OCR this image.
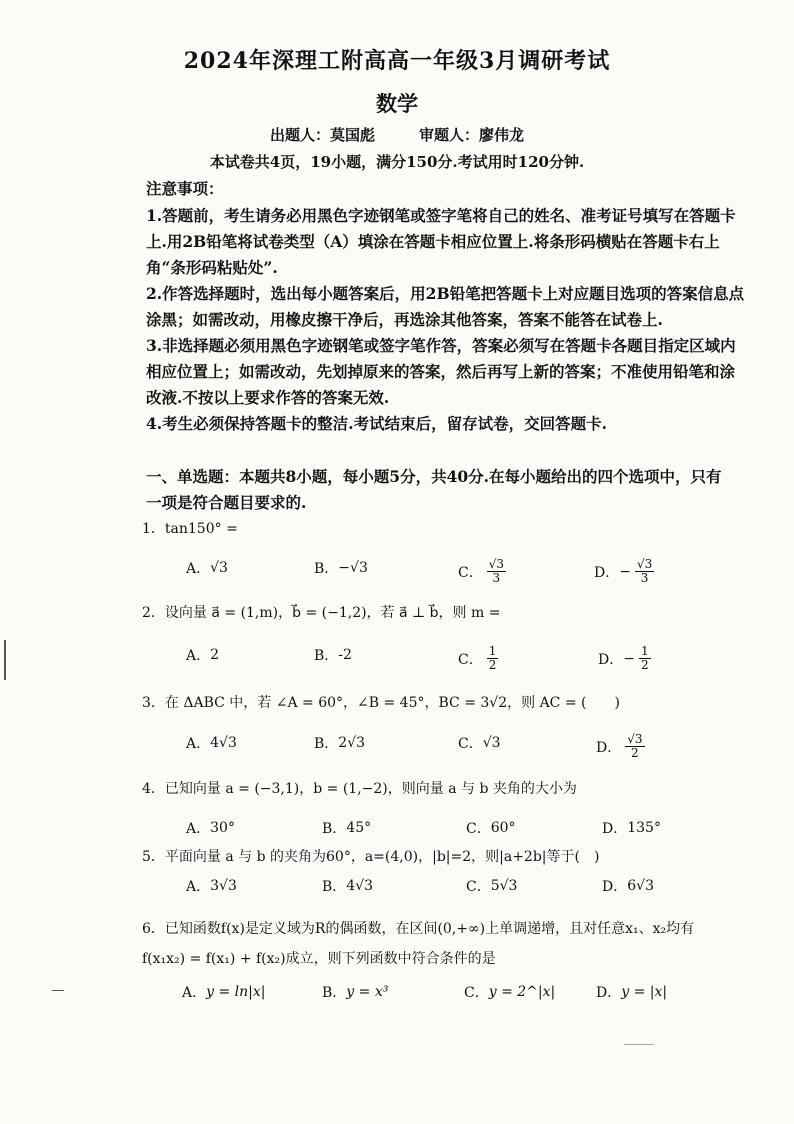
2024年深理工附高高一年级3月调研考试
数学
出题人：莫国彪	审题人：廖伟龙
本试卷共4页，19小题，满分150分.考试用时120分钟.
注意事项：

1.答题前，考生请务必用黑色字迹钢笔或签字笔将自己的姓名、准考证号填写在答题卡上.用2B铅笔将试卷类型（A）填涂在答题卡相应位置上.将条形码横贴在答题卡右上角“条形码粘贴处”.

2.作答选择题时，选出每小题答案后，用2B铅笔把答题卡上对应题目选项的答案信息点涂黑；如需改动，用橡皮擦干净后，再选涂其他答案，答案不能答在试卷上.

3.非选择题必须用黑色字迹钢笔或签字笔作答，答案必须写在答题卡各题目指定区域内相应位置上；如需改动，先划掉原来的答案，然后再写上新的答案；不准使用铅笔和涂改液.不按以上要求作答的答案无效.

4.考生必须保持答题卡的整洁.考试结束后，留存试卷，交回答题卡.

一、单选题：本题共8小题，每小题5分，共40分.在每小题给出的四个选项中，只有一项是符合题目要求的.
1．tan150° =
A． √3	B． −√3	C． $\frac{√3}{3}$	D． − $\frac{√3}{3}$
2．设向量 a⃗ = (1,m)，b⃗ = (−1,2)，若 a⃗ ⊥ b⃗，则 m =
A． 2	B． -2	C． $\frac{1}{2}$	D． − $\frac{1}{2}$
3．在 ΔABC 中，若 ∠A = 60°，∠B = 45°，BC = 3√2，则 AC = (　　)
A． 4√3	B． 2√3	C． √3	D． $\frac{√3}{2}$
4．已知向量 a = (−3,1)，b = (1,−2)，则向量 a 与 b 夹角的大小为
A． 30°	B． 45°	C． 60°	D． 135°
5．平面向量 a 与 b 的夹角为60°，a=(4,0)，|b|=2，则|a+2b|等于(　)
A． 3√3	B． 4√3	C． 5√3	D． 6√3
6．已知函数f(x)是定义域为R的偶函数，在区间(0,+∞)上单调递增，且对任意x₁、x₂均有f(x₁x₂) = f(x₁) + f(x₂)成立，则下列函数中符合条件的是
A． y = ln|x|	B． y = x³	C． y = 2^|x|	D． y = |x|
